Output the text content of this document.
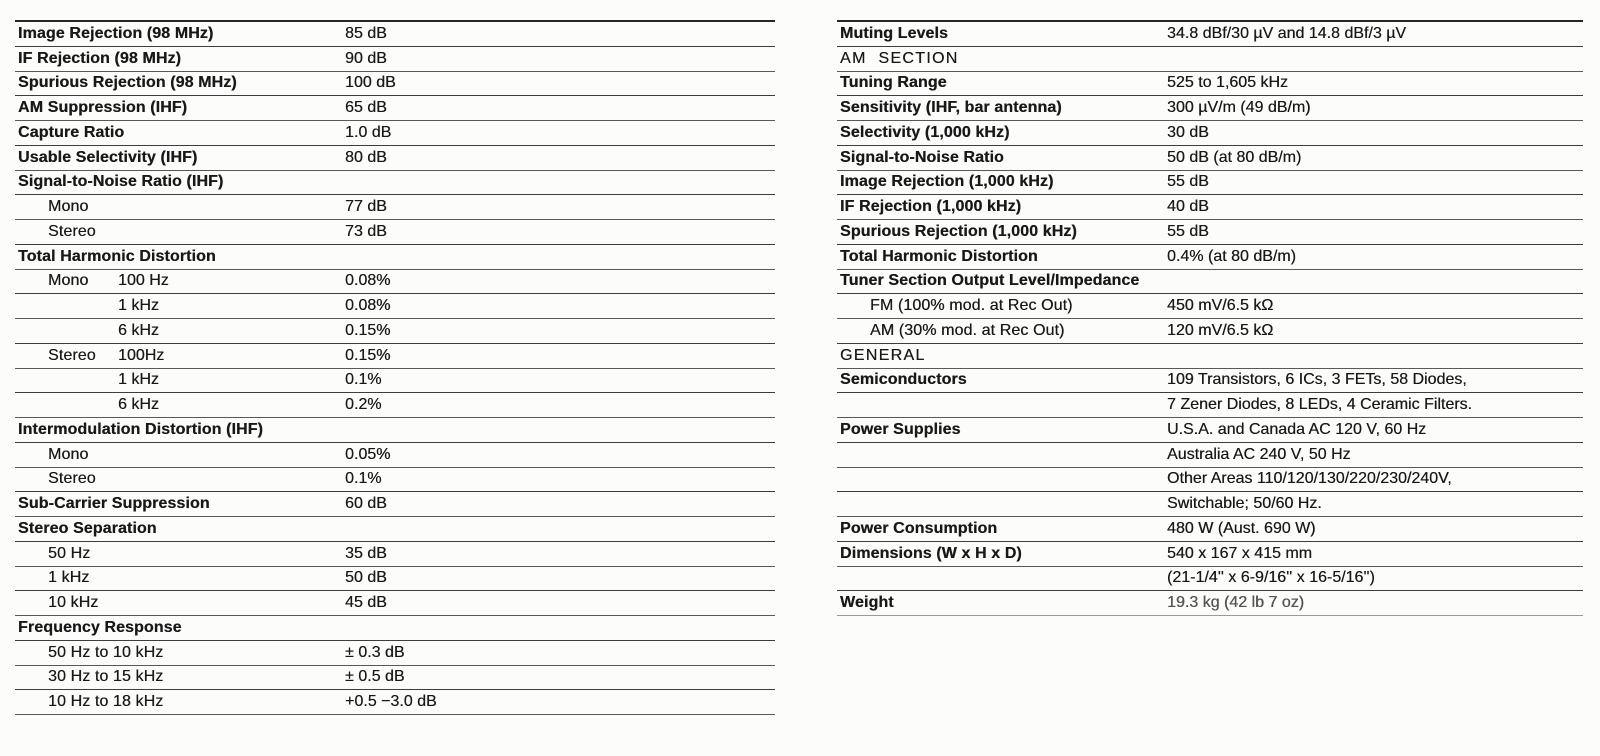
Image Rejection (98 MHz)	85 dB
IF Rejection (98 MHz)	90 dB
Spurious Rejection (98 MHz)	100 dB
AM Suppression (IHF)	65 dB
Capture Ratio	1.0 dB
Usable Selectivity (IHF)	80 dB
Signal-to-Noise Ratio (IHF)
Mono	77 dB
Stereo	73 dB
Total Harmonic Distortion
Mono	100 Hz	0.08%
1 kHz	0.08%
6 kHz	0.15%
Stereo	100Hz	0.15%
1 kHz	0.1%
6 kHz	0.2%
Intermodulation Distortion (IHF)
Mono	0.05%
Stereo	0.1%
Sub-Carrier Suppression	60 dB
Stereo Separation
50 Hz	35 dB
1 kHz	50 dB
10 kHz	45 dB
Frequency Response
50 Hz to 10 kHz	± 0.3 dB
30 Hz to 15 kHz	± 0.5 dB
10 Hz to 18 kHz	+0.5 −3.0 dB
Muting Levels	34.8 dBf/30 µV and 14.8 dBf/3 µV
AM SECTION
Tuning Range	525 to 1,605 kHz
Sensitivity (IHF, bar antenna)	300 µV/m (49 dB/m)
Selectivity (1,000 kHz)	30 dB
Signal-to-Noise Ratio	50 dB (at 80 dB/m)
Image Rejection (1,000 kHz)	55 dB
IF Rejection (1,000 kHz)	40 dB
Spurious Rejection (1,000 kHz)	55 dB
Total Harmonic Distortion	0.4% (at 80 dB/m)
Tuner Section Output Level/Impedance
FM (100% mod. at Rec Out)	450 mV/6.5 kΩ
AM (30% mod. at Rec Out)	120 mV/6.5 kΩ
GENERAL
Semiconductors	109 Transistors, 6 ICs, 3 FETs, 58 Diodes,
7 Zener Diodes, 8 LEDs, 4 Ceramic Filters.
Power Supplies	U.S.A. and Canada AC 120 V, 60 Hz
Australia AC 240 V, 50 Hz
Other Areas 110/120/130/220/230/240V,
Switchable; 50/60 Hz.
Power Consumption	480 W (Aust. 690 W)
Dimensions (W x H x D)	540 x 167 x 415 mm
(21-1/4'' x 6-9/16'' x 16-5/16'')
Weight	19.3 kg (42 lb 7 oz)
